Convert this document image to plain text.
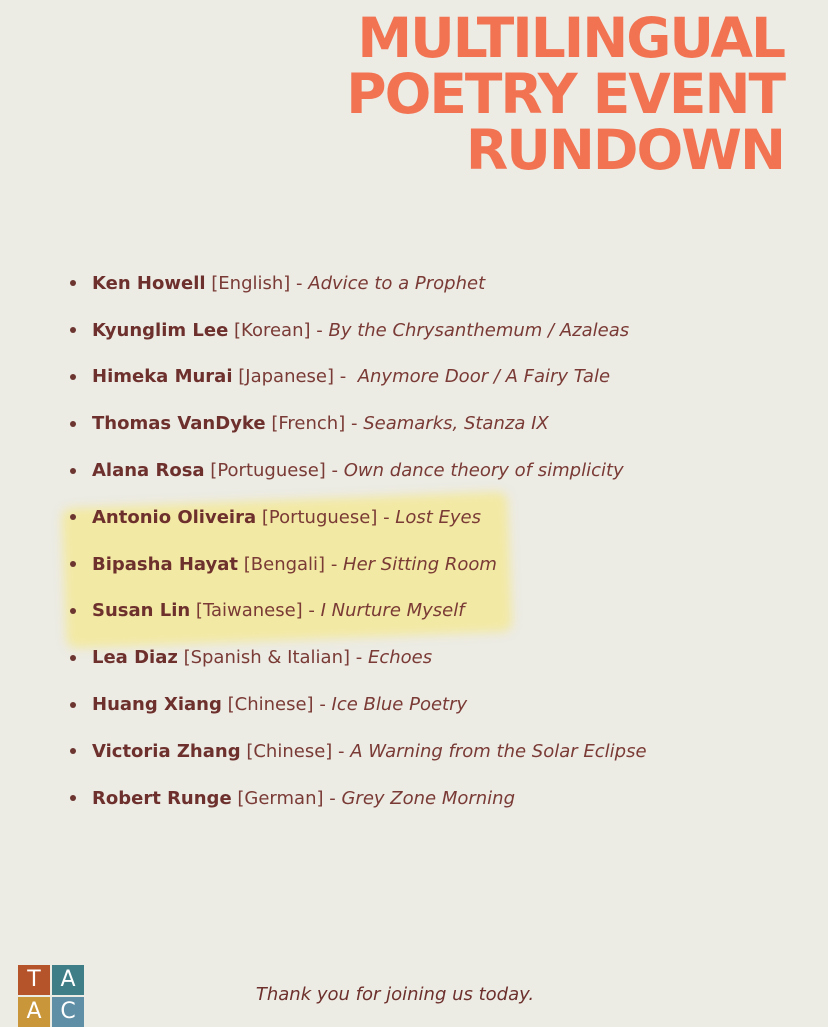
MULTILINGUAL
POETRY EVENT
RUNDOWN
Ken Howell
[English] - Advice to a Prophet
Kyunglim Lee
[Korean] - By the Chrysanthemum / Azaleas
Himeka Murai
[Japanese] - Anymore Door / A Fairy Tale
Thomas VanDyke
[French] - Seamarks, Stanza IX
Alana Rosa
[Portuguese] - Own dance theory of simplicity
Antonio Oliveira
[Portuguese] - Lost Eyes
Bipasha Hayat
[Bengali] - Her Sitting Room
Susan Lin
[Taiwanese] - I Nurture Myself
Lea Diaz
[Spanish & Italian] - Echoes
Huang Xiang
[Chinese] - Ice Blue Poetry
Victoria Zhang
[Chinese] - A Warning from the Solar Eclipse
Robert Runge
[German] - Grey Zone Morning
T A
A C
Thank you for joining us today.
